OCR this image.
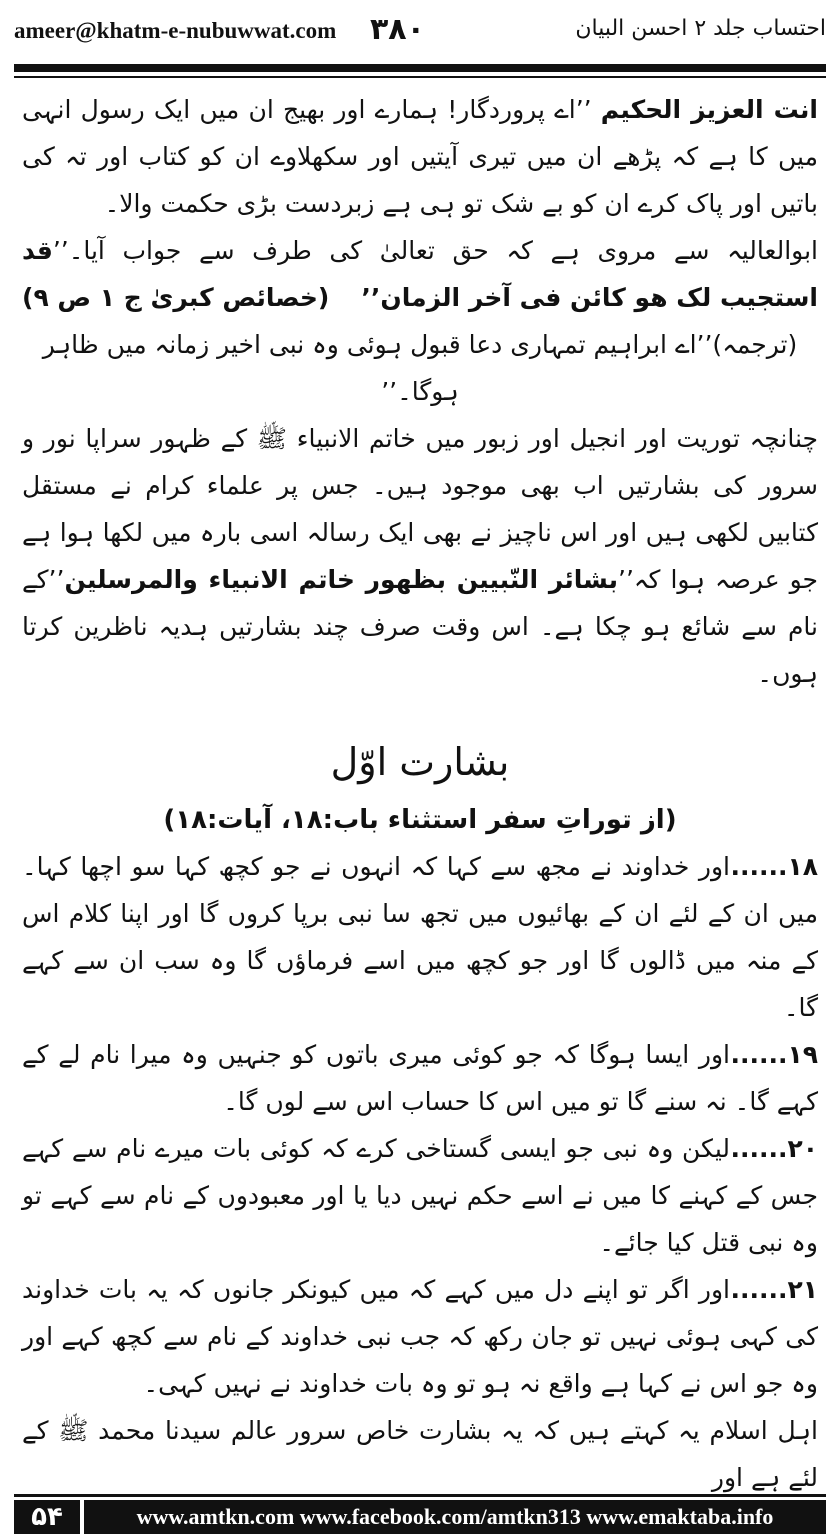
ameer@khatm-e-nubuwwat.com ۳۸۰	احتساب جلد ۲ احسن البیان

انت العزیز الحکیم ’’اے پروردگار! ہمارے اور بھیج ان میں ایک رسول انہی میں کا ہے کہ پڑھے ان میں تیری آیتیں اور سکھلاوے ان کو کتاب اور تہ کی باتیں اور پاک کرے ان کو بے شک تو ہی ہے زبردست بڑی حکمت والا۔

ابوالعالیہ سے مروی ہے کہ حق تعالیٰ کی طرف سے جواب آیا۔’’قد استجیب لک هو کائن فی آخر الزمان’’
(خصائص کبریٰ ج ۱ ص ۹)

(ترجمہ)’’اے ابراہیم تمہاری دعا قبول ہوئی وہ نبی اخیر زمانہ میں ظاہر ہوگا۔’’

چنانچہ توریت اور انجیل اور زبور میں خاتم الانبیاء ﷺ کے ظہور سراپا نور و سرور کی بشارتیں اب بھی موجود ہیں۔ جس پر علماء کرام نے مستقل کتابیں لکھی ہیں اور اس ناچیز نے بھی ایک رسالہ اسی بارہ میں لکھا ہوا ہے جو عرصہ ہوا کہ’’بشائر النّبیین بظهور خاتم الانبیاء والمرسلین’’کے نام سے شائع ہو چکا ہے۔ اس وقت صرف چند بشارتیں ہدیہ ناظرین کرتا ہوں۔

بشارت اوّل

(از توراتِ سفر استثناء باب:۱۸، آیات:۱۸)

۱۸......اور خداوند نے مجھ سے کہا کہ انہوں نے جو کچھ کہا سو اچھا کہا۔ میں ان کے لئے ان کے بھائیوں میں تجھ سا نبی برپا کروں گا اور اپنا کلام اس کے منہ میں ڈالوں گا اور جو کچھ میں اسے فرماؤں گا وہ سب ان سے کہے گا۔

۱۹......اور ایسا ہوگا کہ جو کوئی میری باتوں کو جنہیں وہ میرا نام لے کے کہے گا۔ نہ سنے گا تو میں اس کا حساب اس سے لوں گا۔

۲۰......لیکن وہ نبی جو ایسی گستاخی کرے کہ کوئی بات میرے نام سے کہے جس کے کہنے کا میں نے اسے حکم نہیں دیا یا اور معبودوں کے نام سے کہے تو وہ نبی قتل کیا جائے۔

۲۱......اور اگر تو اپنے دل میں کہے کہ میں کیونکر جانوں کہ یہ بات خداوند کی کہی ہوئی نہیں تو جان رکھ کہ جب نبی خداوند کے نام سے کچھ کہے اور وہ جو اس نے کہا ہے واقع نہ ہو تو وہ بات خداوند نے نہیں کہی۔

اہل اسلام یہ کہتے ہیں کہ یہ بشارت خاص سرور عالم سیدنا محمد ﷺ کے لئے ہے اور

۵۴	www.amtkn.com www.facebook.com/amtkn313 www.emaktaba.info
